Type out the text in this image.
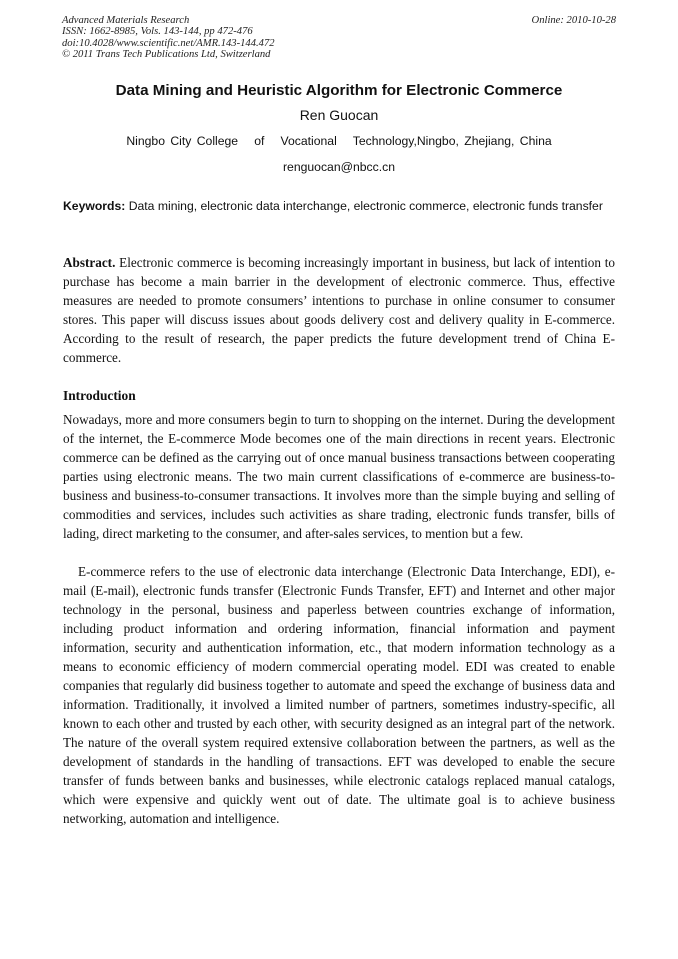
Advanced Materials Research
ISSN: 1662-8985, Vols. 143-144, pp 472-476
doi:10.4028/www.scientific.net/AMR.143-144.472
© 2011 Trans Tech Publications Ltd, Switzerland
Online: 2010-10-28
Data Mining and Heuristic Algorithm for Electronic Commerce
Ren Guocan
Ningbo City College   of   Vocational   Technology,Ningbo, Zhejiang, China
renguocan@nbcc.cn

Keywords: Data mining, electronic data interchange, electronic commerce, electronic funds transfer

Abstract. Electronic commerce is becoming increasingly important in business, but lack of intention to purchase has become a main barrier in the development of electronic commerce. Thus, effective measures are needed to promote consumers’ intentions to purchase in online consumer to consumer stores. This paper will discuss issues about goods delivery cost and delivery quality in E-commerce. According to the result of research, the paper predicts the future development trend of China E-commerce.

Introduction

Nowadays, more and more consumers begin to turn to shopping on the internet. During the development of the internet, the E-commerce Mode becomes one of the main directions in recent years. Electronic commerce can be defined as the carrying out of once manual business transactions between cooperating parties using electronic means. The two main current classifications of e-commerce are business-to-business and business-to-consumer transactions. It involves more than the simple buying and selling of commodities and services, includes such activities as share trading, electronic funds transfer, bills of lading, direct marketing to the consumer, and after-sales services, to mention but a few.

E-commerce refers to the use of electronic data interchange (Electronic Data Interchange, EDI), e-mail (E-mail), electronic funds transfer (Electronic Funds Transfer, EFT) and Internet and other major technology in the personal, business and paperless between countries exchange of information, including product information and ordering information, financial information and payment information, security and authentication information, etc., that modern information technology as a means to economic efficiency of modern commercial operating model. EDI was created to enable companies that regularly did business together to automate and speed the exchange of business data and information. Traditionally, it involved a limited number of partners, sometimes industry-specific, all known to each other and trusted by each other, with security designed as an integral part of the network. The nature of the overall system required extensive collaboration between the partners, as well as the development of standards in the handling of transactions. EFT was developed to enable the secure transfer of funds between banks and businesses, while electronic catalogs replaced manual catalogs, which were expensive and quickly went out of date. The ultimate goal is to achieve business networking, automation and intelligence.
